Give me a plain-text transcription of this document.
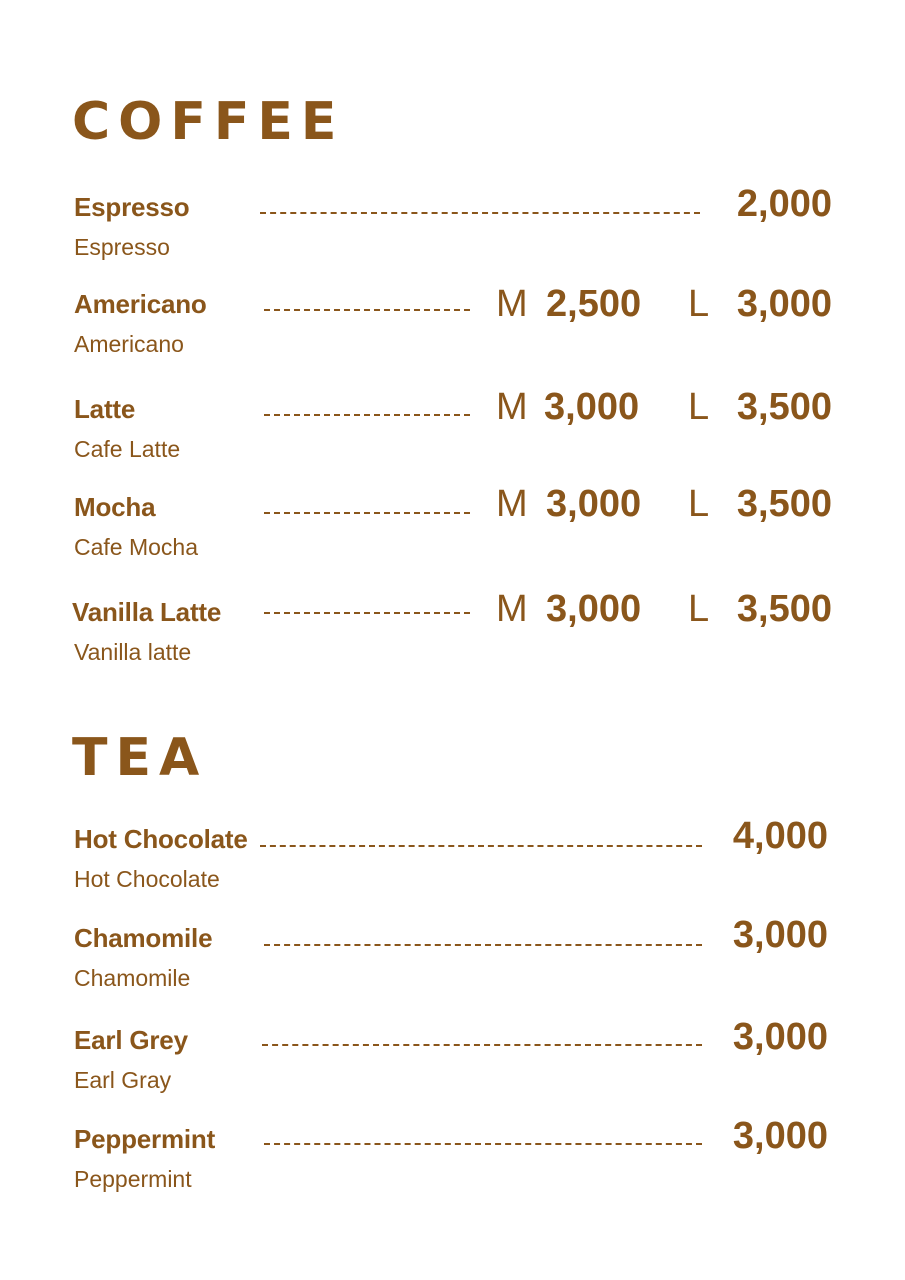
COFFEE
Espresso
Espresso
2,000
Americano
Americano
M 2,500 L 3,000
Latte
Cafe Latte
M 3,000 L 3,500
Mocha
Cafe Mocha
M 3,000 L 3,500
Vanilla Latte
Vanilla latte
M 3,000 L 3,500
TEA
Hot Chocolate
Hot Chocolate
4,000
Chamomile
Chamomile
3,000
Earl Grey
Earl Gray
3,000
Peppermint
Peppermint
3,000
